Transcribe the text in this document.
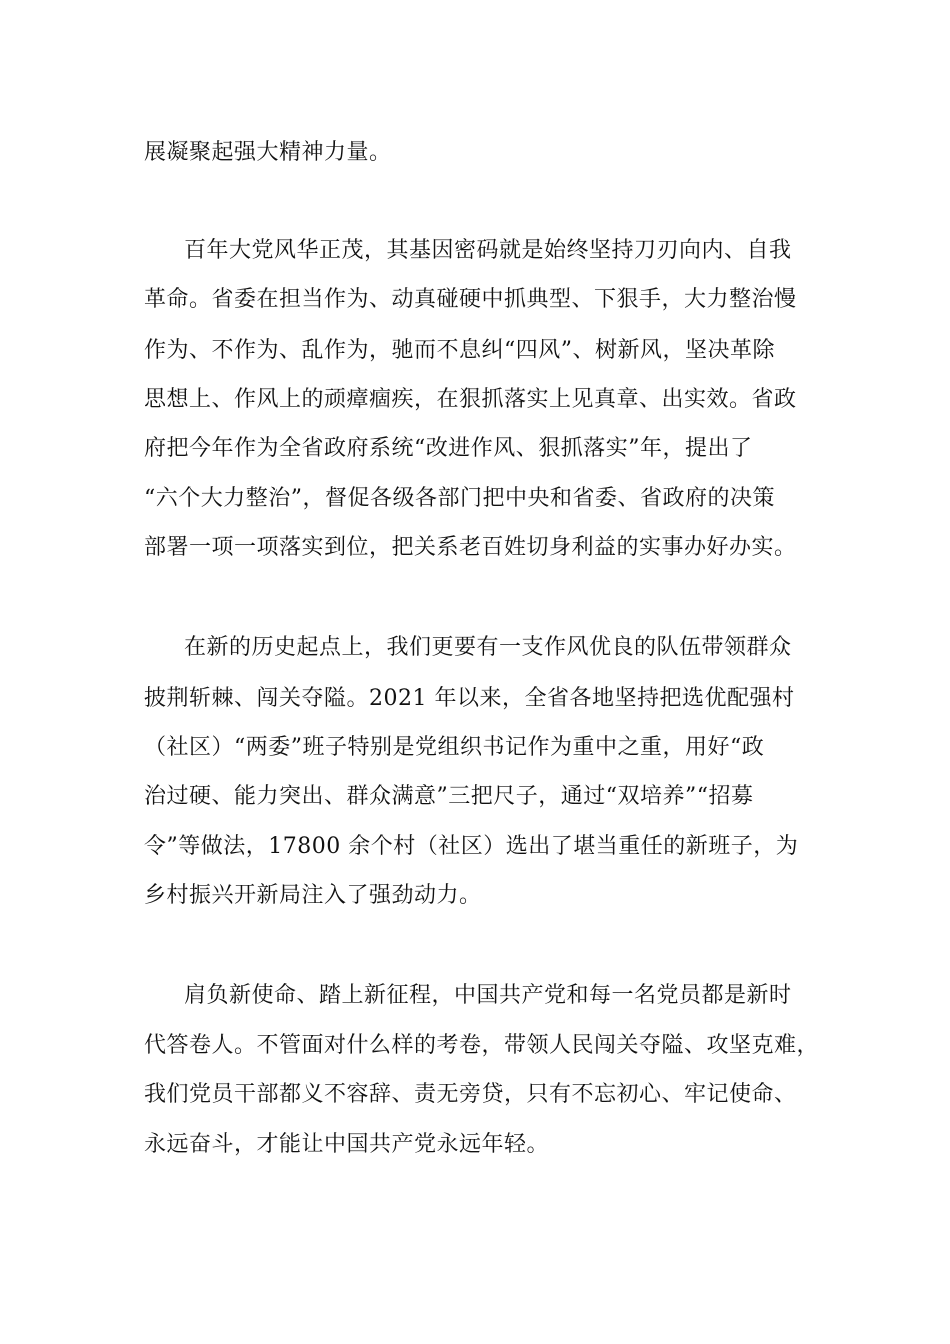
展凝聚起强大精神力量。
百年大党风华正茂，其基因密码就是始终坚持刀刃向内、自我
革命。省委在担当作为、动真碰硬中抓典型、下狠手，大力整治慢
作为、不作为、乱作为，驰而不息纠“四风”、树新风，坚决革除
思想上、作风上的顽瘴痼疾，在狠抓落实上见真章、出实效。省政
府把今年作为全省政府系统“改进作风、狠抓落实”年，提出了
“六个大力整治”，督促各级各部门把中央和省委、省政府的决策
部署一项一项落实到位，把关系老百姓切身利益的实事办好办实。
在新的历史起点上，我们更要有一支作风优良的队伍带领群众
披荆斩棘、闯关夺隘。2021 年以来，全省各地坚持把选优配强村
（社区）“两委”班子特别是党组织书记作为重中之重，用好“政
治过硬、能力突出、群众满意”三把尺子，通过“双培养”“招募
令”等做法，17800 余个村（社区）选出了堪当重任的新班子，为
乡村振兴开新局注入了强劲动力。
肩负新使命、踏上新征程，中国共产党和每一名党员都是新时
代答卷人。不管面对什么样的考卷，带领人民闯关夺隘、攻坚克难，
我们党员干部都义不容辞、责无旁贷，只有不忘初心、牢记使命、
永远奋斗，才能让中国共产党永远年轻。
